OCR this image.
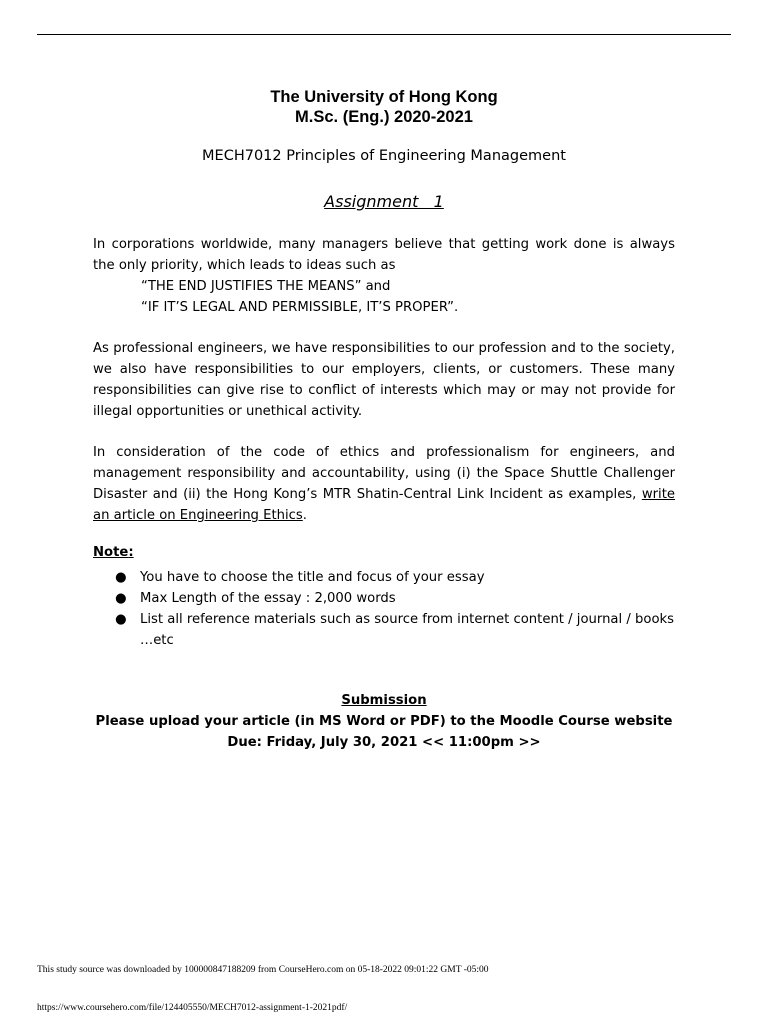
The University of Hong Kong
M.Sc. (Eng.) 2020-2021
MECH7012 Principles of Engineering Management
Assignment   1
In corporations worldwide, many managers believe that getting work done is always the only priority, which leads to ideas such as
“THE END JUSTIFIES THE MEANS” and
“IF IT’S LEGAL AND PERMISSIBLE, IT’S PROPER”.
As professional engineers, we have responsibilities to our profession and to the society, we also have responsibilities to our employers, clients, or customers. These many responsibilities can give rise to conflict of interests which may or may not provide for illegal opportunities or unethical activity.
In consideration of the code of ethics and professionalism for engineers, and management responsibility and accountability, using (i) the Space Shuttle Challenger Disaster and (ii) the Hong Kong’s MTR Shatin-Central Link Incident as examples, write an article on Engineering Ethics.
Note:
● You have to choose the title and focus of your essay
● Max Length of the essay : 2,000 words
● List all reference materials such as source from internet content / journal / books …etc
Submission
Please upload your article (in MS Word or PDF) to the Moodle Course website
Due: Friday, July 30, 2021 << 11:00pm >>
This study source was downloaded by 100000847188209 from CourseHero.com on 05-18-2022 09:01:22 GMT -05:00
https://www.coursehero.com/file/124405550/MECH7012-assignment-1-2021pdf/
